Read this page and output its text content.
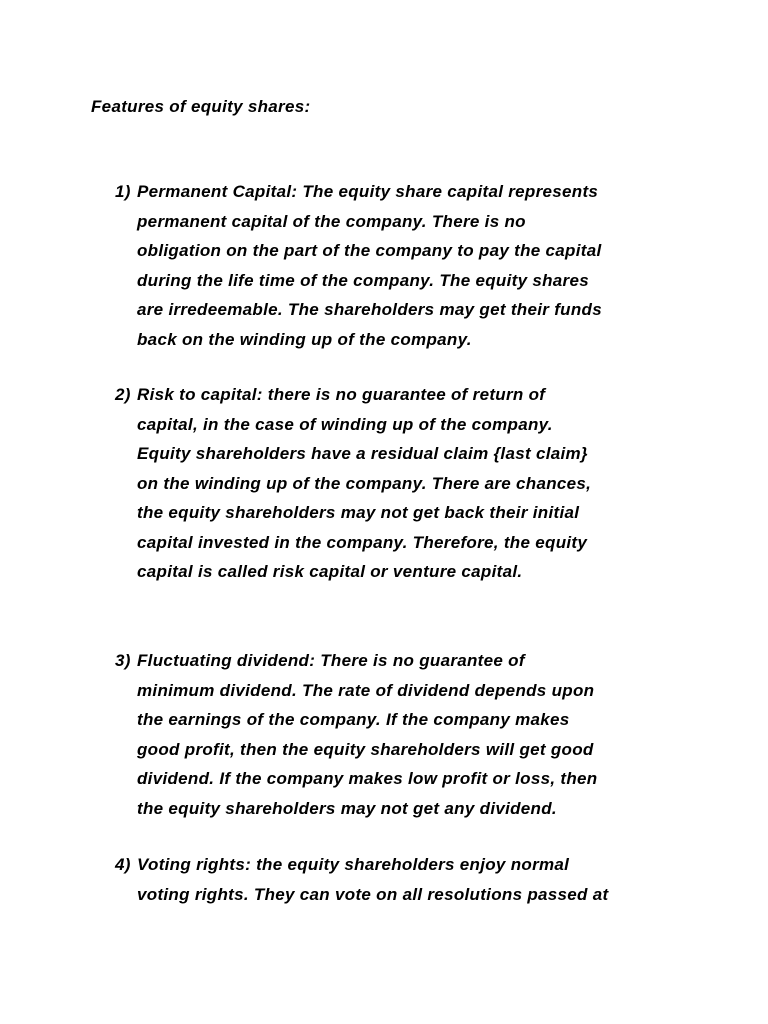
Features of equity shares:
1) Permanent Capital: The equity share capital represents
permanent capital of the company. There is no
obligation on the part of the company to pay the capital
during the life time of the company. The equity shares
are irredeemable. The shareholders may get their funds
back on the winding up of the company.
2) Risk to capital: there is no guarantee of return of
capital, in the case of winding up of the company.
Equity shareholders have a residual claim {last claim}
on the winding up of the company. There are chances,
the equity shareholders may not get back their initial
capital invested in the company. Therefore, the equity
capital is called risk capital or venture capital.
3) Fluctuating dividend: There is no guarantee of
minimum dividend. The rate of dividend depends upon
the earnings of the company. If the company makes
good profit, then the equity shareholders will get good
dividend. If the company makes low profit or loss, then
the equity shareholders may not get any dividend.
4) Voting rights: the equity shareholders enjoy normal
voting rights. They can vote on all resolutions passed at
